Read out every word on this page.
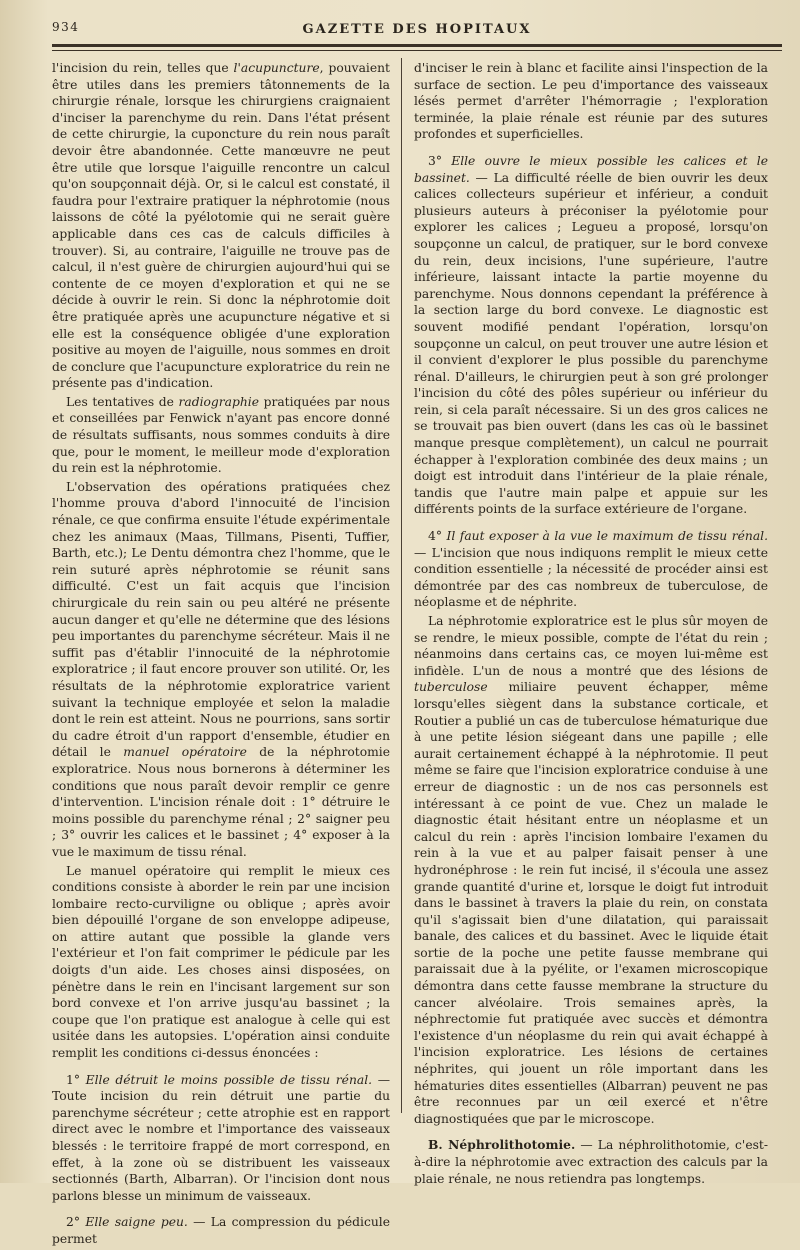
934	GAZETTE DES HOPITAUX

l'incision du rein, telles que l'acupuncture, pouvaient être utiles dans les premiers tâtonnements de la chirurgie rénale, lorsque les chirurgiens craignaient d'inciser la parenchyme du rein. Dans l'état présent de cette chirurgie, la cuponcture du rein nous paraît devoir être abandonnée. Cette manœuvre ne peut être utile que lorsque l'aiguille rencontre un calcul qu'on soupçonnait déjà. Or, si le calcul est constaté, il faudra pour l'extraire pratiquer la néphrotomie (nous laissons de côté la pyélotomie qui ne serait guère applicable dans ces cas de calculs difficiles à trouver). Si, au contraire, l'aiguille ne trouve pas de calcul, il n'est guère de chirurgien aujourd'hui qui se contente de ce moyen d'exploration et qui ne se décide à ouvrir le rein. Si donc la néphrotomie doit être pratiquée après une acupuncture négative et si elle est la conséquence obligée d'une exploration positive au moyen de l'aiguille, nous sommes en droit de conclure que l'acupuncture exploratrice du rein ne présente pas d'indication.

Les tentatives de radiographie pratiquées par nous et conseillées par Fenwick n'ayant pas encore donné de résultats suffisants, nous sommes conduits à dire que, pour le moment, le meilleur mode d'exploration du rein est la néphrotomie.

L'observation des opérations pratiquées chez l'homme prouva d'abord l'innocuité de l'incision rénale, ce que confirma ensuite l'étude expérimentale chez les animaux (Maas, Tillmans, Pisenti, Tuffier, Barth, etc.); Le Dentu démontra chez l'homme, que le rein suturé après néphrotomie se réunit sans difficulté. C'est un fait acquis que l'incision chirurgicale du rein sain ou peu altéré ne présente aucun danger et qu'elle ne détermine que des lésions peu importantes du parenchyme sécréteur. Mais il ne suffit pas d'établir l'innocuité de la néphrotomie exploratrice ; il faut encore prouver son utilité. Or, les résultats de la néphrotomie exploratrice varient suivant la technique employée et selon la maladie dont le rein est atteint. Nous ne pourrions, sans sortir du cadre étroit d'un rapport d'ensemble, étudier en détail le manuel opératoire de la néphrotomie exploratrice. Nous nous bornerons à déterminer les conditions que nous paraît devoir remplir ce genre d'intervention. L'incision rénale doit : 1° détruire le moins possible du parenchyme rénal ; 2° saigner peu ; 3° ouvrir les calices et le bassinet ; 4° exposer à la vue le maximum de tissu rénal.

Le manuel opératoire qui remplit le mieux ces conditions consiste à aborder le rein par une incision lombaire recto-curviligne ou oblique ; après avoir bien dépouillé l'organe de son enveloppe adipeuse, on attire autant que possible la glande vers l'extérieur et l'on fait comprimer le pédicule par les doigts d'un aide. Les choses ainsi disposées, on pénètre dans le rein en l'incisant largement sur son bord convexe et l'on arrive jusqu'au bassinet ; la coupe que l'on pratique est analogue à celle qui est usitée dans les autopsies. L'opération ainsi conduite remplit les conditions ci-dessus énoncées :

1° Elle détruit le moins possible de tissu rénal. — Toute incision du rein détruit une partie du parenchyme sécréteur ; cette atrophie est en rapport direct avec le nombre et l'importance des vaisseaux blessés : le territoire frappé de mort correspond, en effet, à la zone où se distribuent les vaisseaux sectionnés (Barth, Albarran). Or l'incision dont nous parlons blesse un minimum de vaisseaux.

2° Elle saigne peu. — La compression du pédicule permet

d'inciser le rein à blanc et facilite ainsi l'inspection de la surface de section. Le peu d'importance des vaisseaux lésés permet d'arrêter l'hémorragie ; l'exploration terminée, la plaie rénale est réunie par des sutures profondes et superficielles.

3° Elle ouvre le mieux possible les calices et le bassinet. — La difficulté réelle de bien ouvrir les deux calices collecteurs supérieur et inférieur, a conduit plusieurs auteurs à préconiser la pyélotomie pour explorer les calices ; Legueu a proposé, lorsqu'on soupçonne un calcul, de pratiquer, sur le bord convexe du rein, deux incisions, l'une supérieure, l'autre inférieure, laissant intacte la partie moyenne du parenchyme. Nous donnons cependant la préférence à la section large du bord convexe. Le diagnostic est souvent modifié pendant l'opération, lorsqu'on soupçonne un calcul, on peut trouver une autre lésion et il convient d'explorer le plus possible du parenchyme rénal. D'ailleurs, le chirurgien peut à son gré prolonger l'incision du côté des pôles supérieur ou inférieur du rein, si cela paraît nécessaire. Si un des gros calices ne se trouvait pas bien ouvert (dans les cas où le bassinet manque presque complètement), un calcul ne pourrait échapper à l'exploration combinée des deux mains ; un doigt est introduit dans l'intérieur de la plaie rénale, tandis que l'autre main palpe et appuie sur les différents points de la surface extérieure de l'organe.

4° Il faut exposer à la vue le maximum de tissu rénal. — L'incision que nous indiquons remplit le mieux cette condition essentielle ; la nécessité de procéder ainsi est démontrée par des cas nombreux de tuberculose, de néoplasme et de néphrite.

La néphrotomie exploratrice est le plus sûr moyen de se rendre, le mieux possible, compte de l'état du rein ; néanmoins dans certains cas, ce moyen lui-même est infidèle. L'un de nous a montré que des lésions de tuberculose miliaire peuvent échapper, même lorsqu'elles siègent dans la substance corticale, et Routier a publié un cas de tuberculose hématurique due à une petite lésion siégeant dans une papille ; elle aurait certainement échappé à la néphrotomie. Il peut même se faire que l'incision exploratrice conduise à une erreur de diagnostic : un de nos cas personnels est intéressant à ce point de vue. Chez un malade le diagnostic était hésitant entre un néoplasme et un calcul du rein : après l'incision lombaire l'examen du rein à la vue et au palper faisait penser à une hydronéphrose : le rein fut incisé, il s'écoula une assez grande quantité d'urine et, lorsque le doigt fut introduit dans le bassinet à travers la plaie du rein, on constata qu'il s'agissait bien d'une dilatation, qui paraissait banale, des calices et du bassinet. Avec le liquide était sortie de la poche une petite fausse membrane qui paraissait due à la pyélite, or l'examen microscopique démontra dans cette fausse membrane la structure du cancer alvéolaire. Trois semaines après, la néphrectomie fut pratiquée avec succès et démontra l'existence d'un néoplasme du rein qui avait échappé à l'incision exploratrice. Les lésions de certaines néphrites, qui jouent un rôle important dans les hématuries dites essentielles (Albarran) peuvent ne pas être reconnues par un œil exercé et n'être diagnostiquées que par le microscope.

B. Néphrolithotomie. — La néphrolithotomie, c'est-à-dire la néphrotomie avec extraction des calculs par la plaie rénale, ne nous retiendra pas longtemps.
